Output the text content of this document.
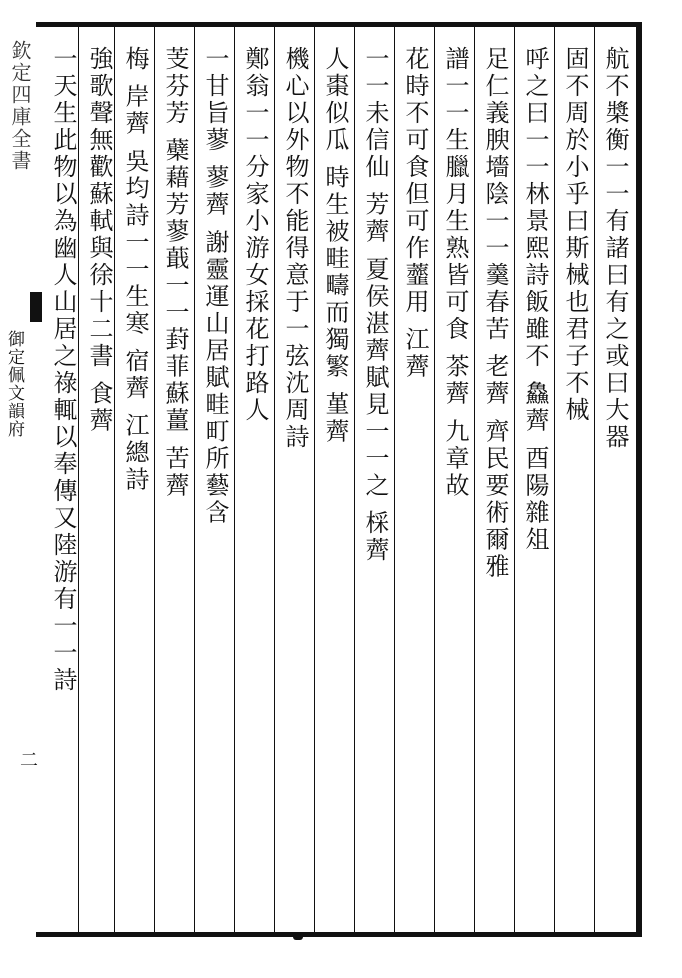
欽定四庫全書
御定佩文韻府
二
航不槳衡一一有諸曰有之或曰大器
固不周於小乎曰斯械也君子不械
呼之曰一一林景熙詩飯雖不 鱻薺 酉陽雜俎
足仁義腴墻陰一一羹春苦 老薺 齊民要術爾雅
譜一一生臘月生熟皆可食 茶薺 九章故
花時不可食但可作虀用 江薺
一一未信仙 芳薺 夏侯湛薺賦見一一之 棌薺
人棗似瓜 時生被畦疇而獨繁 堇薺
機心以外物不能得意于一弦沈周詩
鄭翁一一分家小游女採花打路人
一甘旨蓼 蓼薺 謝靈運山居賦畦町所藝含
芰芬芳 蘗藉芳蓼蕺一一葑菲蘇薑 苦薺
梅 岸薺 吳均詩一一生寒 宿薺 江總詩
強歌聲無歡蘇軾與徐十二書 食薺
一天生此物以為幽人山居之祿輒以奉傳又陸游有一一詩
